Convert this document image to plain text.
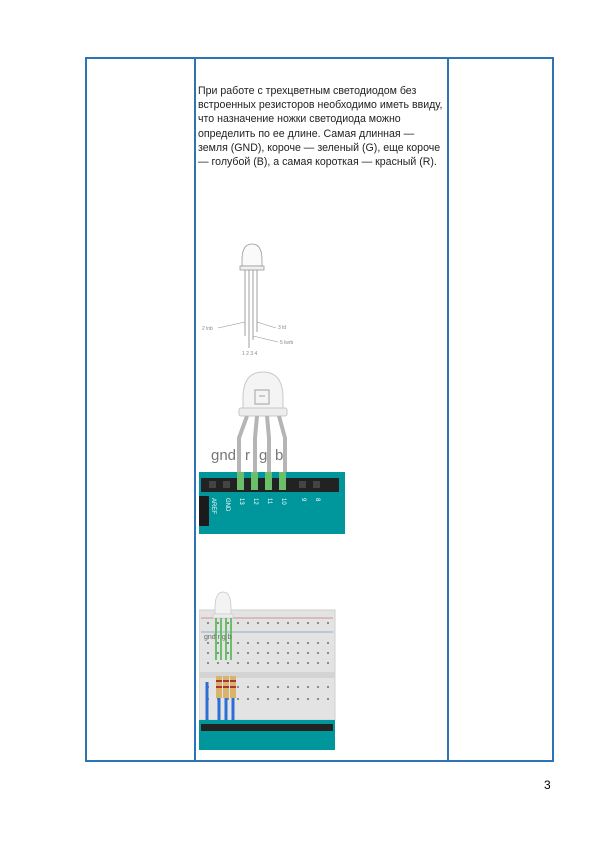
При работе с трехцветным светодиодом без встроенных резисторов необходимо иметь ввиду, что назначение ножки светодиода можно определить по ее длине. Самая длинная — земля (GND), короче — зеленый (G), еще короче — голубой (B), а самая короткая — красный (R).
2 lnb	3 ld
5 lwrb
1 2 3 4
gnd r g b
AREF GND 13 12 11 10 9 8
gnd r g b
3
